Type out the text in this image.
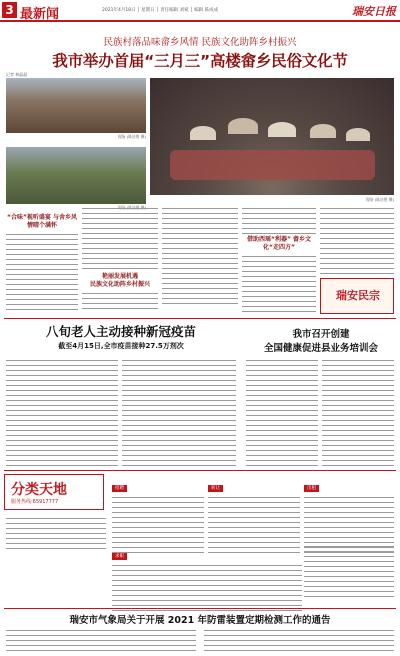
3 最新闻	2021年4月18日 │ 星期日 │ 责任编辑 刘斌 │ 编辑 陈成成	瑞安日报
民族村落品味畲乡风情 民族文化助阵乡村振兴
我市举办首届“三月三”高楼畲乡民俗文化节
记者 林晶晶
现场 (陈洁胜 摄)
现场 (陈洁胜 摄)
“合味”视听盛宴 与舍乡风情晴个满怀
艳丽发展机遇
民族文化助阵乡村振兴
借助西瑶“利器” 畲乡文化“走四方”
瑞安民宗
八旬老人主动接种新冠疫苗
截至4月15日,全市疫苗接种27.5万剂次
我市召开创建
全国健康促进县业务培训会
分类天地
服务热线:65917777
招聘	转让	出租
求职
瑞安市气象局关于开展 2021 年防雷装置定期检测工作的通告
